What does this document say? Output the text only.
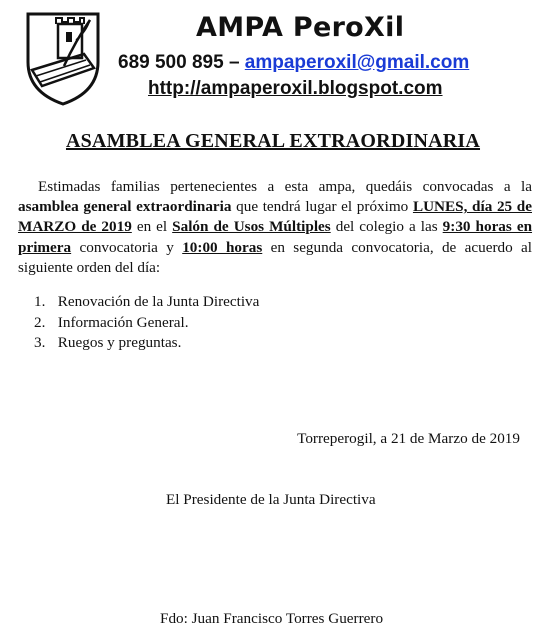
AMPA PeroXil
689 500 895 – ampaperoxil@gmail.com
http://ampaperoxil.blogspot.com
ASAMBLEA GENERAL EXTRAORDINARIA
Estimadas familias pertenecientes a esta ampa, quedáis convocadas a la asamblea general extraordinaria que tendrá lugar el próximo LUNES, día 25 de MARZO de 2019 en el Salón de Usos Múltiples del colegio a las 9:30 horas en primera convocatoria y 10:00 horas en segunda convocatoria, de acuerdo al siguiente orden del día:
1. Renovación de la Junta Directiva
2. Información General.
3. Ruegos y preguntas.
Torreperogil, a 21 de Marzo de 2019
El Presidente de la Junta Directiva
Fdo: Juan Francisco Torres Guerrero
